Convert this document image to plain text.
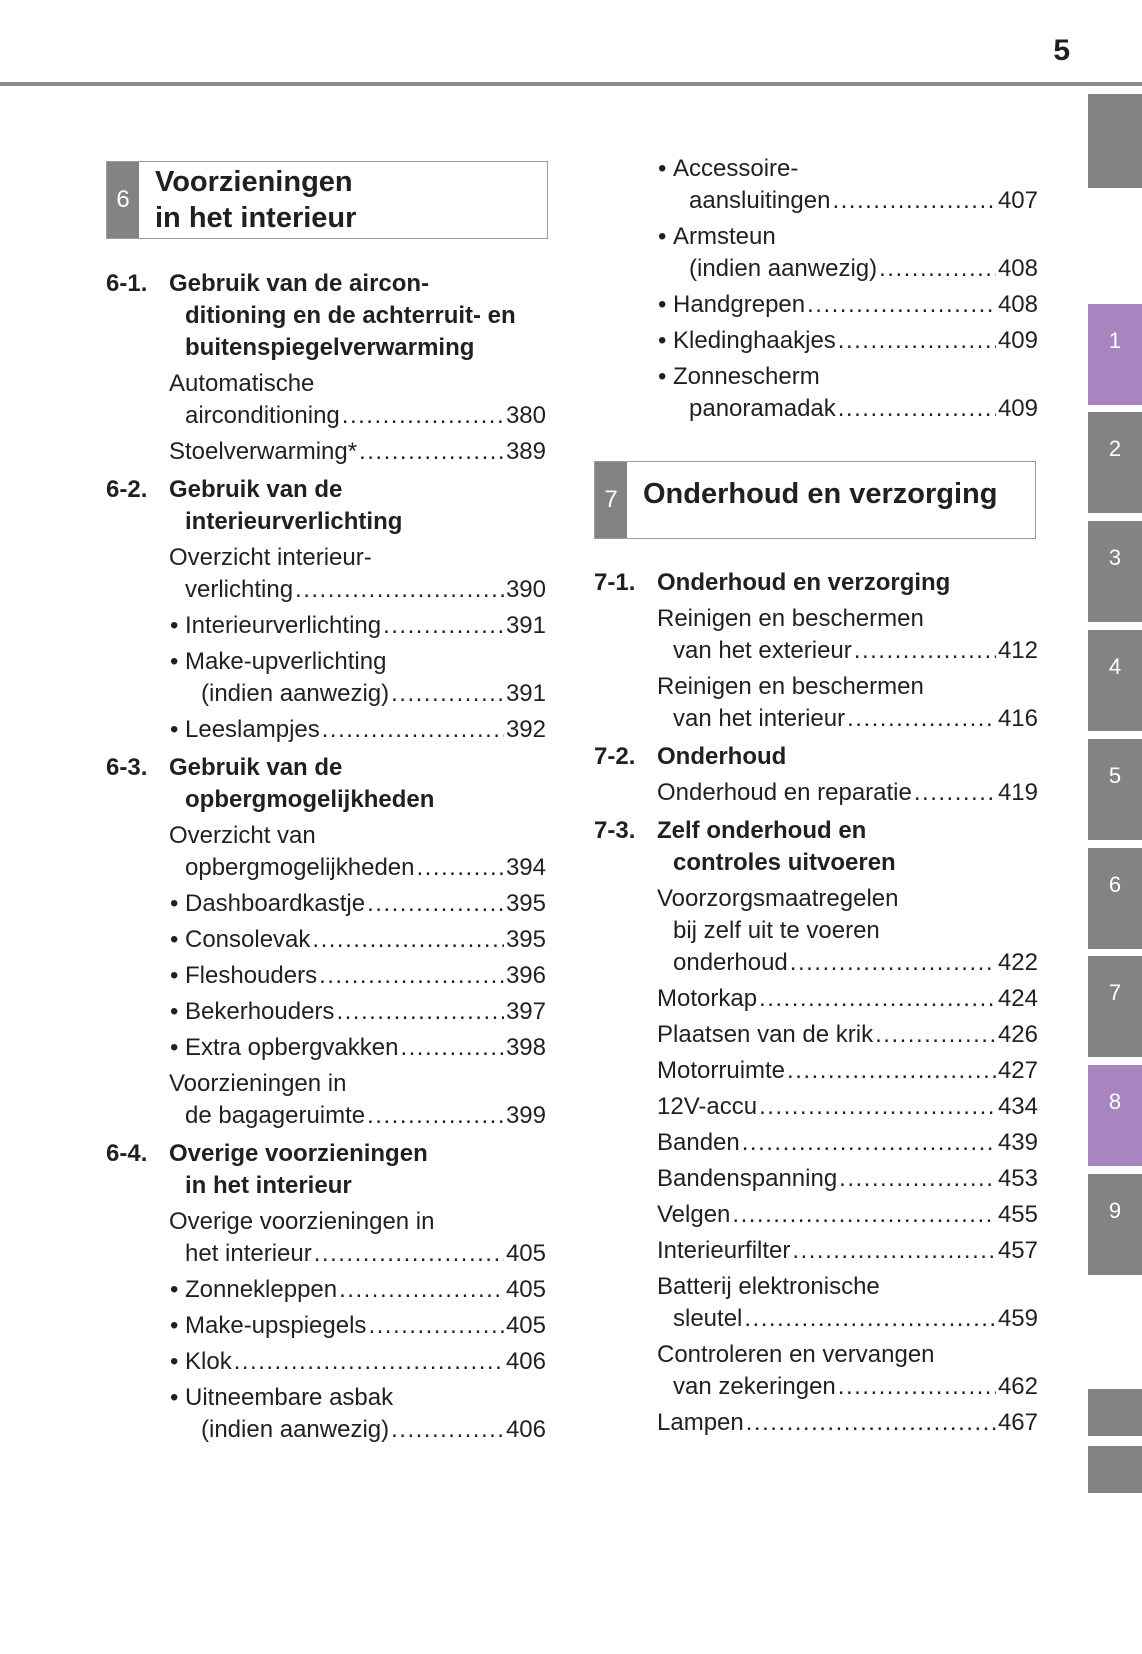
5
6
Voorzieningen
in het interieur
6-1. Gebruik van de aircon-
ditioning en de achterruit- en
buitenspiegelverwarming
Automatische
airconditioning .....	380
Stoelverwarming* .....	389
6-2. Gebruik van de
interieurverlichting
Overzicht interieur-
verlichting .....	390
• Interieurverlichting .....	391
• Make-upverlichting
(indien aanwezig) .....	391
• Leeslampjes .....	392
6-3. Gebruik van de
opbergmogelijkheden
Overzicht van
opbergmogelijkheden .....	394
• Dashboardkastje .....	395
• Consolevak .....	395
• Fleshouders .....	396
• Bekerhouders .....	397
• Extra opbergvakken .....	398
Voorzieningen in
de bagageruimte .....	399
6-4. Overige voorzieningen
in het interieur
Overige voorzieningen in
het interieur .....	405
• Zonnekleppen .....	405
• Make-upspiegels .....	405
• Klok .....	406
• Uitneembare asbak
(indien aanwezig) .....	406
• Accessoire-
aansluitingen .....	407
• Armsteun
(indien aanwezig) .....	408
• Handgrepen .....	408
• Kledinghaakjes .....	409
• Zonnescherm
panoramadak .....	409
7 Onderhoud en verzorging
7-1. Onderhoud en verzorging
Reinigen en beschermen
van het exterieur .....	412
Reinigen en beschermen
van het interieur .....	416
7-2. Onderhoud
Onderhoud en reparatie .....	419
7-3. Zelf onderhoud en
controles uitvoeren
Voorzorgsmaatregelen
bij zelf uit te voeren
onderhoud .....	422
Motorkap .....	424
Plaatsen van de krik .....	426
Motorruimte .....	427
12V-accu .....	434
Banden .....	439
Bandenspanning .....	453
Velgen .....	455
Interieurfilter .....	457
Batterij elektronische
sleutel .....	459
Controleren en vervangen
van zekeringen .....	462
Lampen .....	467
1
2
3
4
5
6
7
8
9
